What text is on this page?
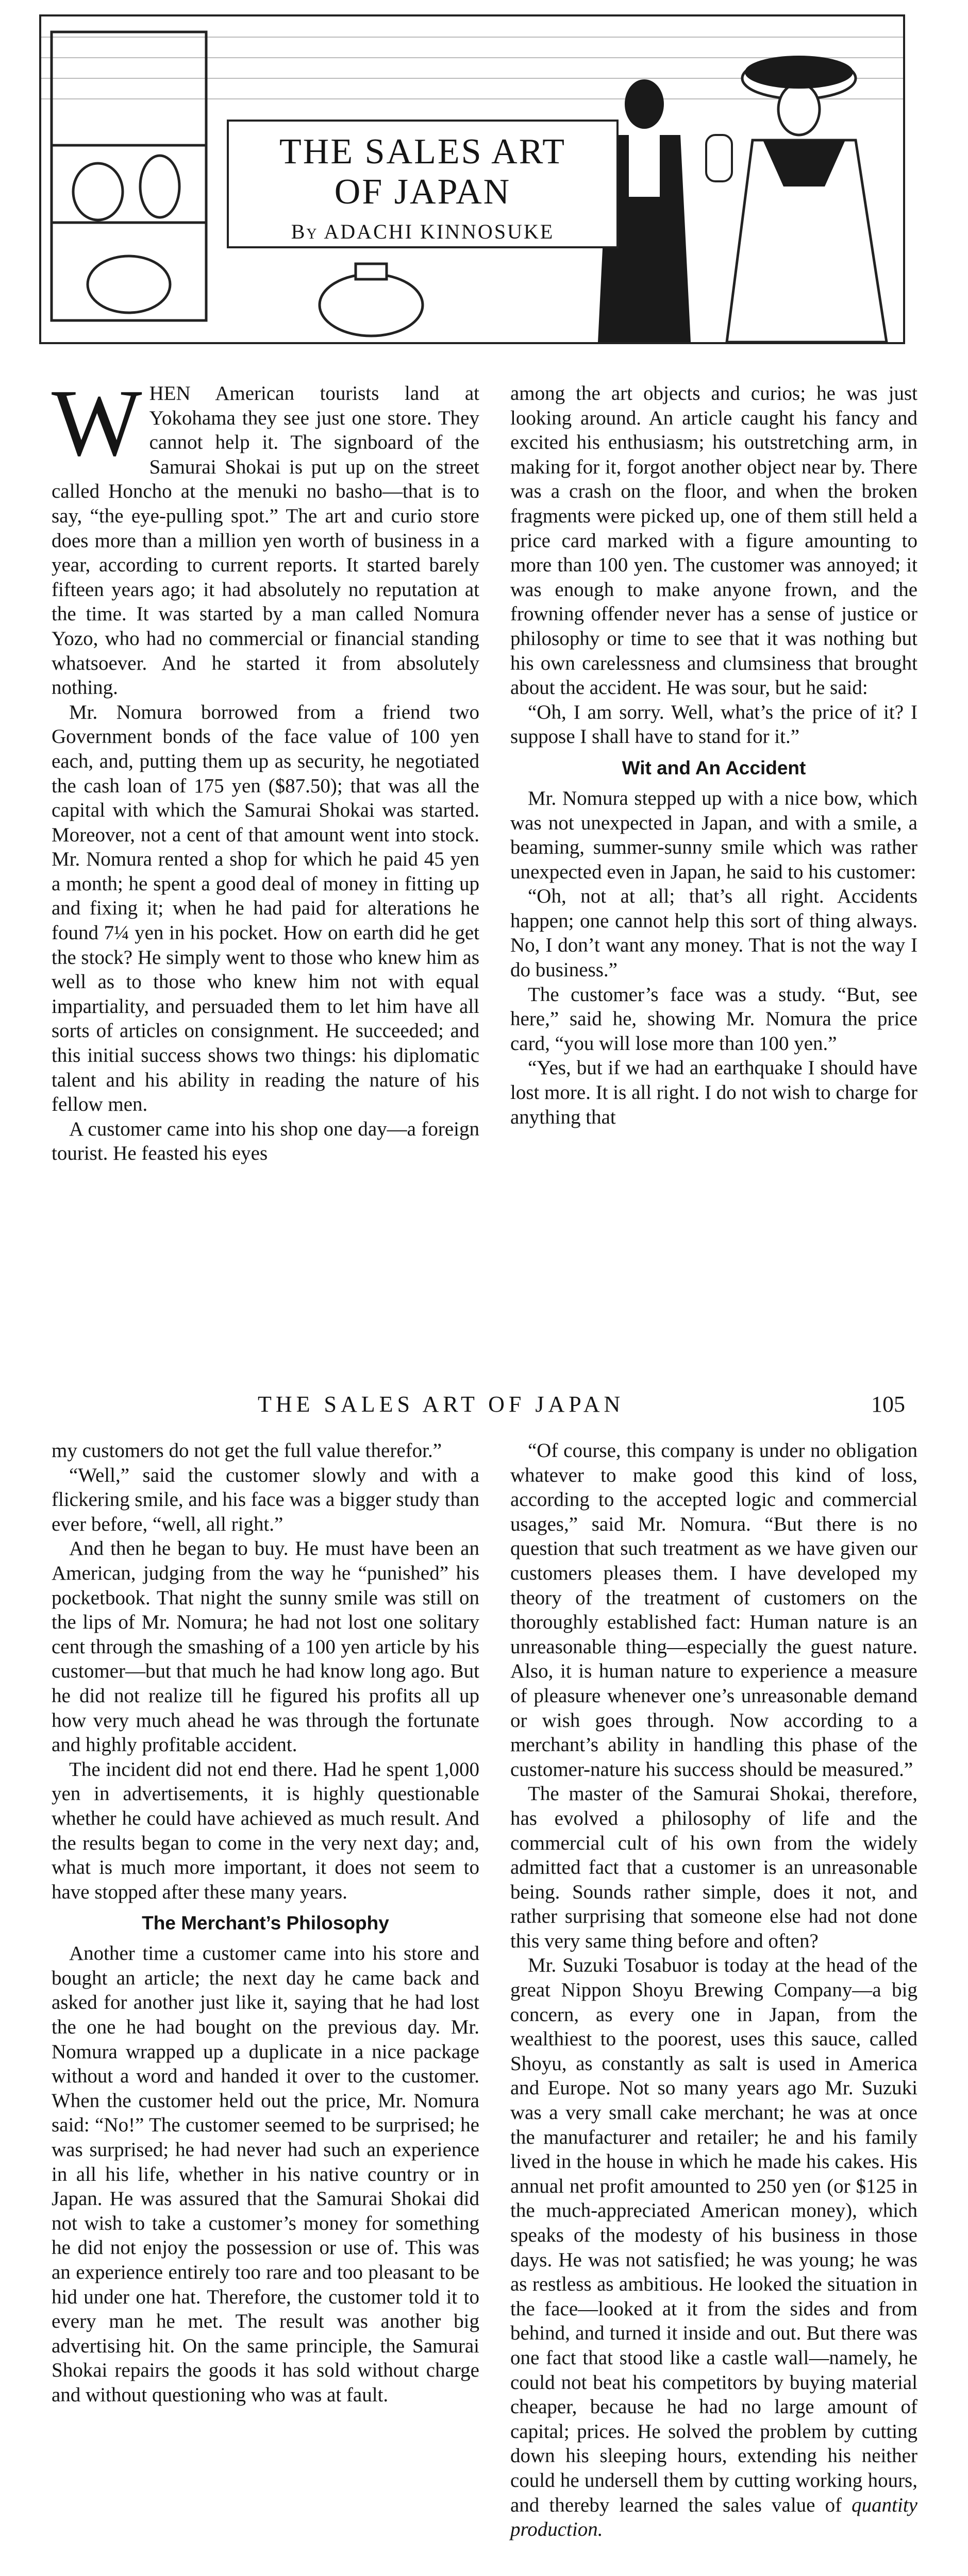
THE SALES ART
OF JAPAN
By ADACHI KINNOSUKE

WHEN American tourists land at Yokohama they see just one store. They cannot help it. The signboard of the Samurai Shokai is put up on the street called Honcho at the menuki no basho—that is to say, “the eye-pulling spot.” The art and curio store does more than a million yen worth of business in a year, according to current reports. It started barely fifteen years ago; it had absolutely no reputation at the time. It was started by a man called Nomura Yozo, who had no commercial or financial standing whatsoever. And he started it from absolutely nothing.

Mr. Nomura borrowed from a friend two Government bonds of the face value of 100 yen each, and, putting them up as security, he negotiated the cash loan of 175 yen ($87.50); that was all the capital with which the Samurai Shokai was started. Moreover, not a cent of that amount went into stock. Mr. Nomura rented a shop for which he paid 45 yen a month; he spent a good deal of money in fitting up and fixing it; when he had paid for alterations he found 7¼ yen in his pocket. How on earth did he get the stock? He simply went to those who knew him as well as to those who knew him not with equal impartiality, and persuaded them to let him have all sorts of articles on consignment. He succeeded; and this initial success shows two things: his diplomatic talent and his ability in reading the nature of his fellow men.

A customer came into his shop one day—a foreign tourist. He feasted his eyes

among the art objects and curios; he was just looking around. An article caught his fancy and excited his enthusiasm; his outstretching arm, in making for it, forgot another object near by. There was a crash on the floor, and when the broken fragments were picked up, one of them still held a price card marked with a figure amounting to more than 100 yen. The customer was annoyed; it was enough to make anyone frown, and the frowning offender never has a sense of justice or philosophy or time to see that it was nothing but his own carelessness and clumsiness that brought about the accident. He was sour, but he said:

“Oh, I am sorry. Well, what’s the price of it? I suppose I shall have to stand for it.”

Wit and An Accident

Mr. Nomura stepped up with a nice bow, which was not unexpected in Japan, and with a smile, a beaming, summer-sunny smile which was rather unexpected even in Japan, he said to his customer:

“Oh, not at all; that’s all right. Accidents happen; one cannot help this sort of thing always. No, I don’t want any money. That is not the way I do business.”

The customer’s face was a study. “But, see here,” said he, showing Mr. Nomura the price card, “you will lose more than 100 yen.”

“Yes, but if we had an earthquake I should have lost more. It is all right. I do not wish to charge for anything that

THE SALES ART OF JAPAN	105

my customers do not get the full value therefor.”

“Well,” said the customer slowly and with a flickering smile, and his face was a bigger study than ever before, “well, all right.”

And then he began to buy. He must have been an American, judging from the way he “punished” his pocketbook. That night the sunny smile was still on the lips of Mr. Nomura; he had not lost one solitary cent through the smashing of a 100 yen article by his customer—but that much he had know long ago. But he did not realize till he figured his profits all up how very much ahead he was through the fortunate and highly profitable accident.

The incident did not end there. Had he spent 1,000 yen in advertisements, it is highly questionable whether he could have achieved as much result. And the results began to come in the very next day; and, what is much more important, it does not seem to have stopped after these many years.

The Merchant’s Philosophy

Another time a customer came into his store and bought an article; the next day he came back and asked for another just like it, saying that he had lost the one he had bought on the previous day. Mr. Nomura wrapped up a duplicate in a nice package without a word and handed it over to the customer. When the customer held out the price, Mr. Nomura said: “No!” The customer seemed to be surprised; he was surprised; he had never had such an experience in all his life, whether in his native country or in Japan. He was assured that the Samurai Shokai did not wish to take a customer’s money for something he did not enjoy the possession or use of. This was an experience entirely too rare and too pleasant to be hid under one hat. Therefore, the customer told it to every man he met. The result was another big advertising hit. On the same principle, the Samurai Shokai repairs the goods it has sold without charge and without questioning who was at fault.

“Of course, this company is under no obligation whatever to make good this kind of loss, according to the accepted logic and commercial usages,” said Mr. Nomura. “But there is no question that such treatment as we have given our customers pleases them. I have developed my theory of the treatment of customers on the thoroughly established fact: Human nature is an unreasonable thing—especially the guest nature. Also, it is human nature to experience a measure of pleasure whenever one’s unreasonable demand or wish goes through. Now according to a merchant’s ability in handling this phase of the customer-nature his success should be measured.”

The master of the Samurai Shokai, therefore, has evolved a philosophy of life and the commercial cult of his own from the widely admitted fact that a customer is an unreasonable being. Sounds rather simple, does it not, and rather surprising that someone else had not done this very same thing before and often?

Mr. Suzuki Tosabuor is today at the head of the great Nippon Shoyu Brewing Company—a big concern, as every one in Japan, from the wealthiest to the poorest, uses this sauce, called Shoyu, as constantly as salt is used in America and Europe. Not so many years ago Mr. Suzuki was a very small cake merchant; he was at once the manufacturer and retailer; he and his family lived in the house in which he made his cakes. His annual net profit amounted to 250 yen (or $125 in the much-appreciated American money), which speaks of the modesty of his business in those days. He was not satisfied; he was young; he was as restless as ambitious. He looked the situation in the face—looked at it from the sides and from behind, and turned it inside and out. But there was one fact that stood like a castle wall—namely, he could not beat his competitors by buying material cheaper, because he had no large amount of capital; prices. He solved the problem by cutting down his sleeping hours, extending his neither could he undersell them by cutting working hours, and thereby learned the sales value of quantity production.
